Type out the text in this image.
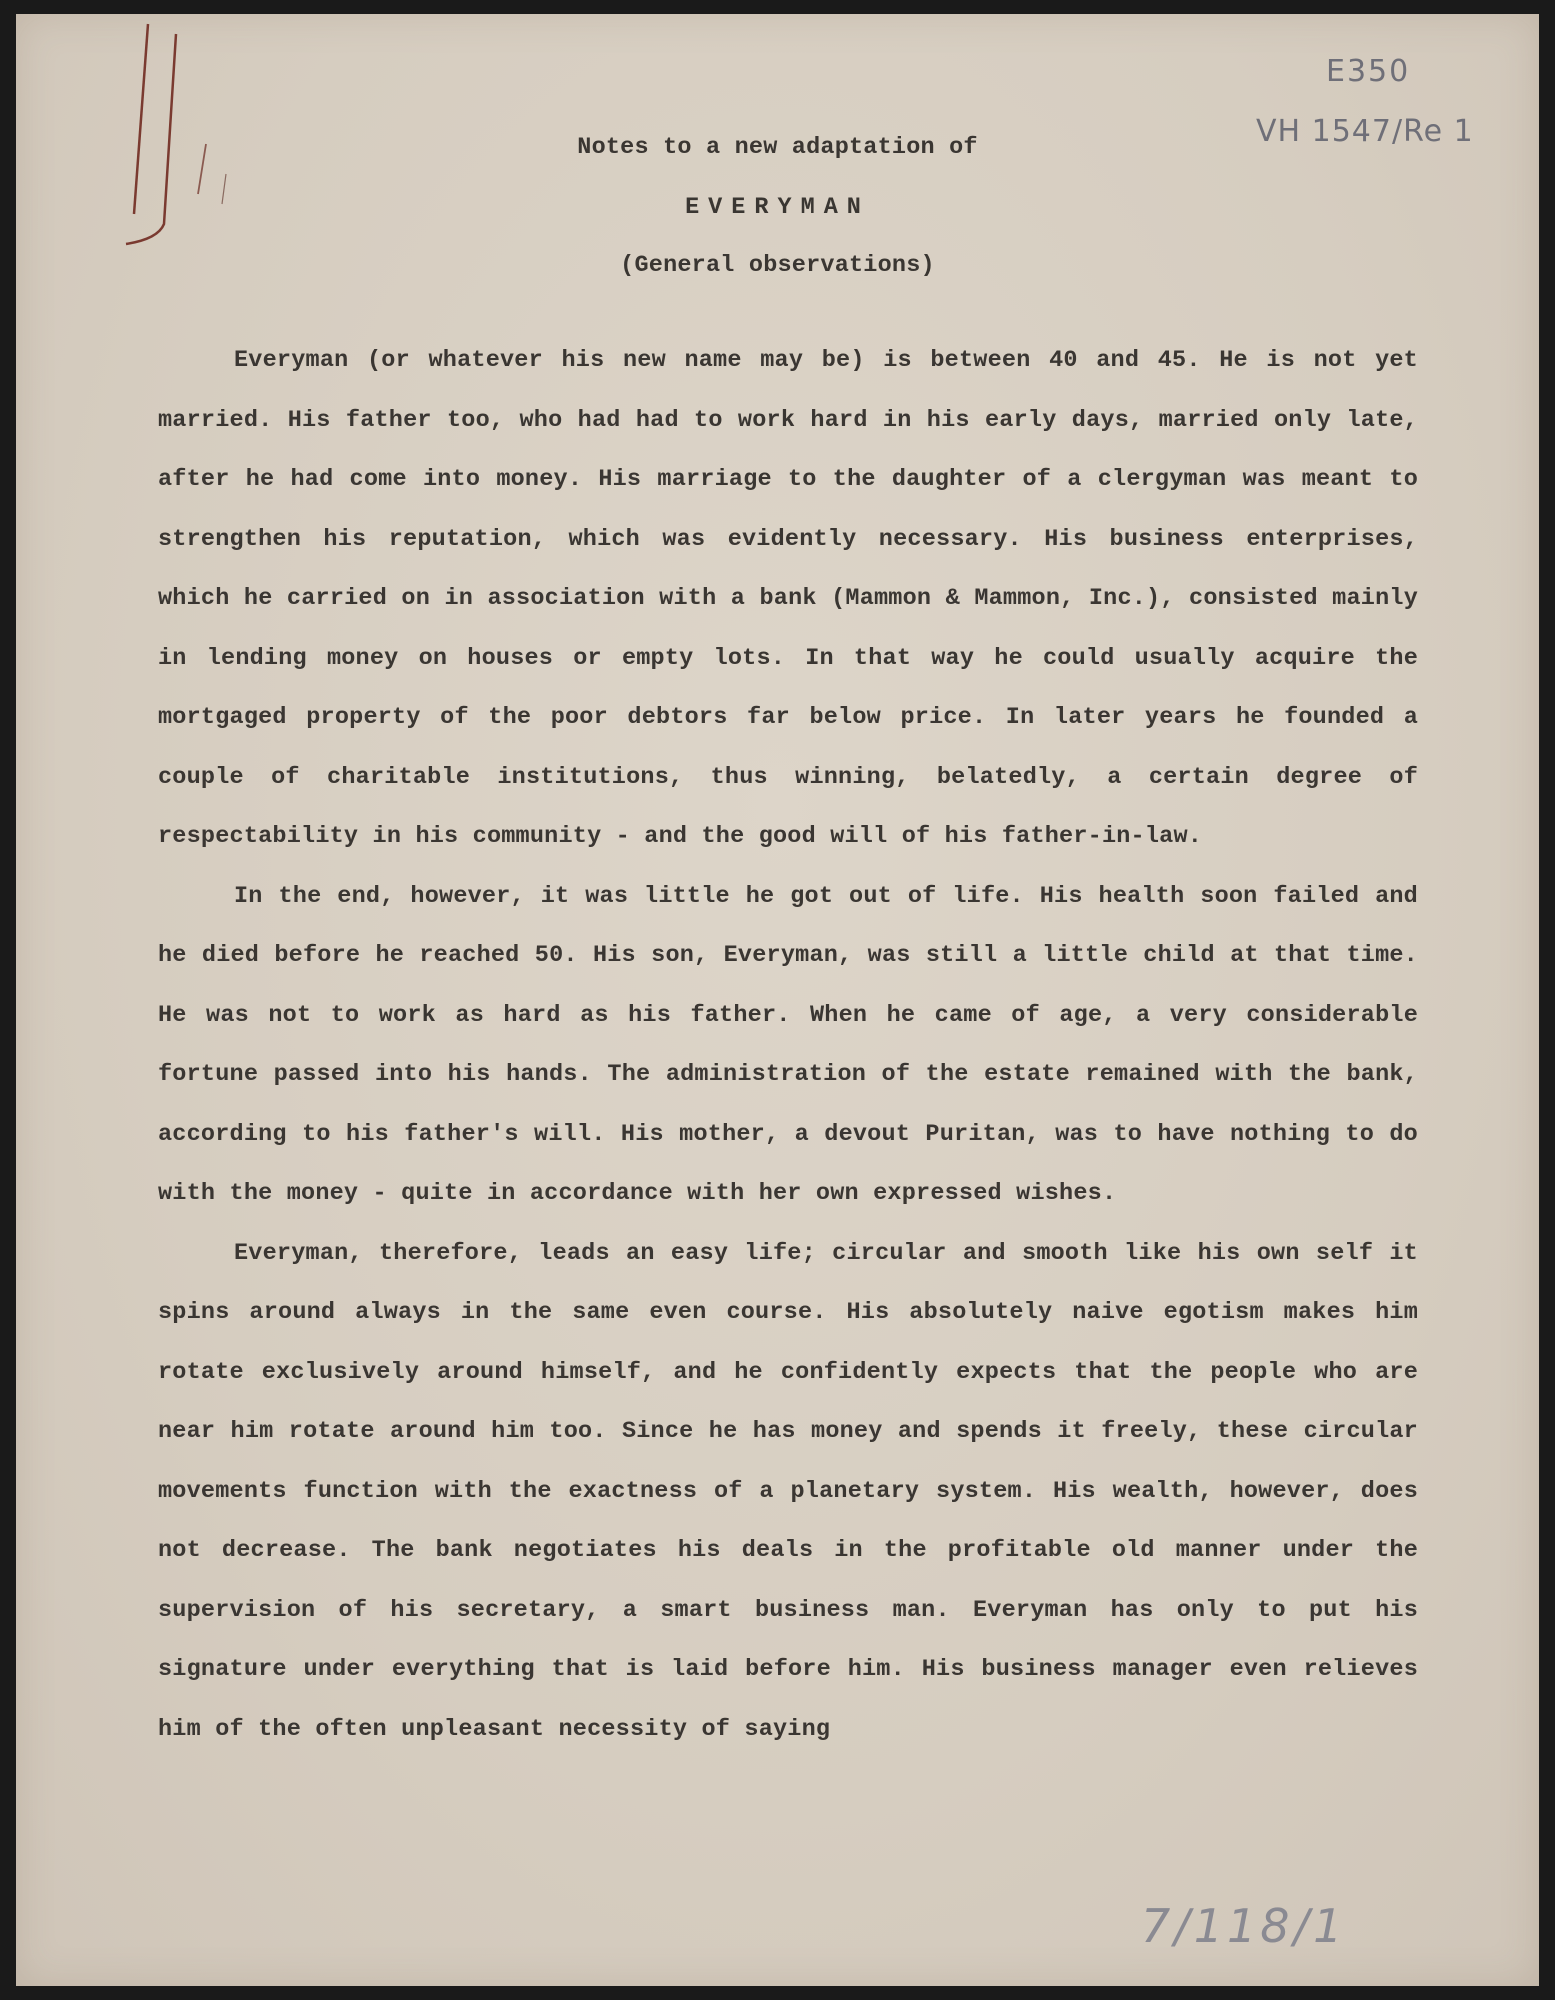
E350
VH 1547/Re 1
Notes to a new adaptation of
EVERYMAN
(General observations)

Everyman (or whatever his new name may be) is between 40 and 45. He is not yet married. His father too, who had had to work hard in his early days, married only late, after he had come into money. His marriage to the daughter of a clergyman was meant to strengthen his reputation, which was evidently necessary. His business enterprises, which he carried on in association with a bank (Mammon & Mammon, Inc.), consisted mainly in lending money on houses or empty lots. In that way he could usually acquire the mortgaged property of the poor debtors far below price. In later years he founded a couple of charitable institutions, thus winning, belatedly, a certain degree of respectability in his community - and the good will of his father-in-law.

In the end, however, it was little he got out of life. His health soon failed and he died before he reached 50. His son, Everyman, was still a little child at that time. He was not to work as hard as his father. When he came of age, a very considerable fortune passed into his hands. The administration of the estate remained with the bank, according to his father's will. His mother, a devout Puritan, was to have nothing to do with the money - quite in accordance with her own expressed wishes.

Everyman, therefore, leads an easy life; circular and smooth like his own self it spins around always in the same even course. His absolutely naive egotism makes him rotate exclusively around himself, and he confidently expects that the people who are near him rotate around him too. Since he has money and spends it freely, these circular movements function with the exactness of a planetary system. His wealth, however, does not decrease. The bank negotiates his deals in the profitable old manner under the supervision of his secretary, a smart business man. Everyman has only to put his signature under everything that is laid before him. His business manager even relieves him of the often unpleasant necessity of saying

7/118/1
